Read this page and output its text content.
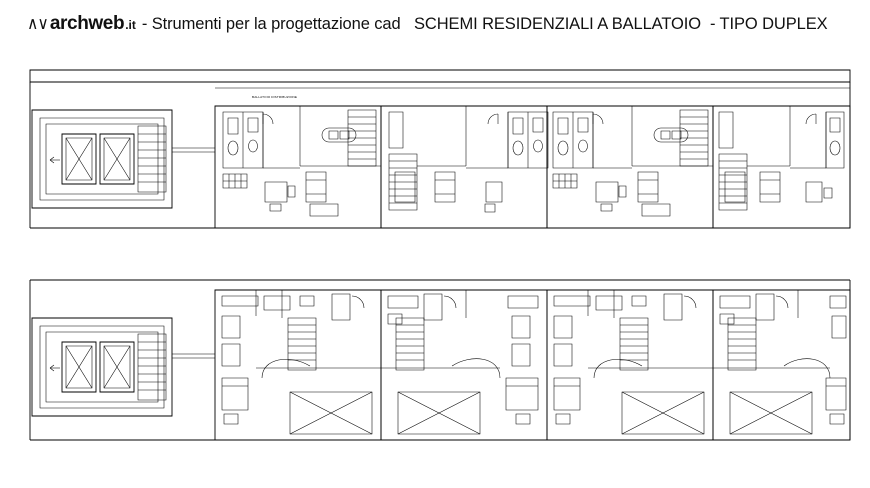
∧∨ archweb .it - Strumenti per la progettazione cad   SCHEMI RESIDENZIALI A BALLATOIO  - TIPO DUPLEX
BALLATOIO DISTRIBUZIONE
